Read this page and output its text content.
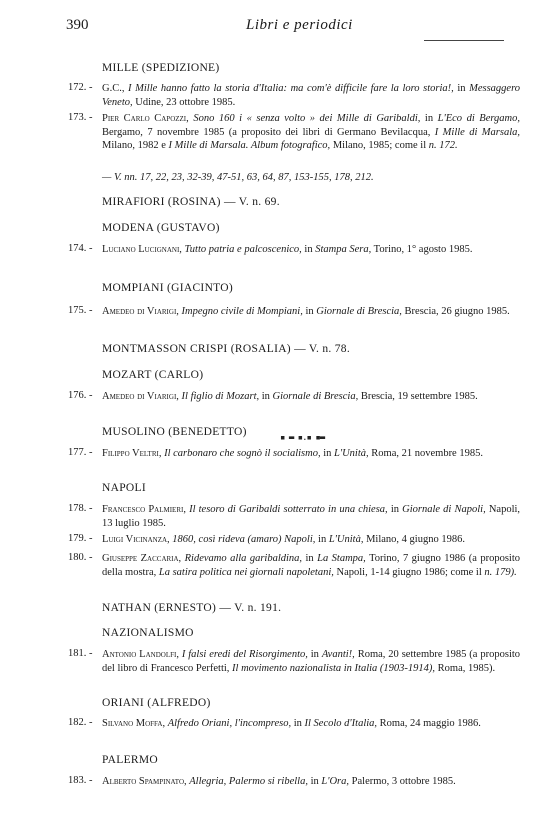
390	Libri e periodici
MILLE (SPEDIZIONE)
172. - G.C., I Mille hanno fatto la storia d'Italia: ma com'è difficile fare la loro storia!, in Messaggero Veneto, Udine, 23 ottobre 1985.
173. - Pier Carlo Capozzi, Sono 160 i « senza volto » dei Mille di Garibaldi, in L'Eco di Bergamo, Bergamo, 7 novembre 1985 (a proposito dei libri di Germano Bevilacqua, I Mille di Marsala, Milano, 1982 e I Mille di Marsala. Album fotografico, Milano, 1985; come il n. 172.
— V. nn. 17, 22, 23, 32-39, 47-51, 63, 64, 87, 153-155, 178, 212.
MIRAFIORI (ROSINA) — V. n. 69.
MODENA (GUSTAVO)
174. - Luciano Lucignani, Tutto patria e palcoscenico, in Stampa Sera, Torino, 1° agosto 1985.
MOMPIANI (GIACINTO)
175. - Amedeo di Viarigi, Impegno civile di Mompiani, in Giornale di Brescia, Brescia, 26 giugno 1985.
MONTMASSON CRISPI (ROSALIA) — V. n. 78.
MOZART (CARLO)
176. - Amedeo di Viarigi, Il figlio di Mozart, in Giornale di Brescia, Brescia, 19 settembre 1985.
MUSOLINO (BENEDETTO)	▪ ▬ ▪.▪ ▪▬
177. - Filippo Veltri, Il carbonaro che sognò il socialismo, in L'Unità, Roma, 21 novembre 1985.
NAPOLI
178. - Francesco Palmieri, Il tesoro di Garibaldi sotterrato in una chiesa, in Giornale di Napoli, Napoli, 13 luglio 1985.
179. - Luigi Vicinanza, 1860, così rideva (amaro) Napoli, in L'Unità, Milano, 4 giugno 1986.
180. - Giuseppe Zaccaria, Ridevamo alla garibaldina, in La Stampa, Torino, 7 giugno 1986 (a proposito della mostra, La satira politica nei giornali napoletani, Napoli, 1-14 giugno 1986; come il n. 179).
NATHAN (ERNESTO) — V. n. 191.
NAZIONALISMO
181. - Antonio Landolfi, I falsi eredi del Risorgimento, in Avanti!, Roma, 20 settembre 1985 (a proposito del libro di Francesco Perfetti, Il movimento nazionalista in Italia (1903-1914), Roma, 1985).
ORIANI (ALFREDO)
182. - Silvano Moffa, Alfredo Oriani, l'incompreso, in Il Secolo d'Italia, Roma, 24 maggio 1986.
PALERMO
183. - Alberto Spampinato, Allegria, Palermo si ribella, in L'Ora, Palermo, 3 ottobre 1985.
